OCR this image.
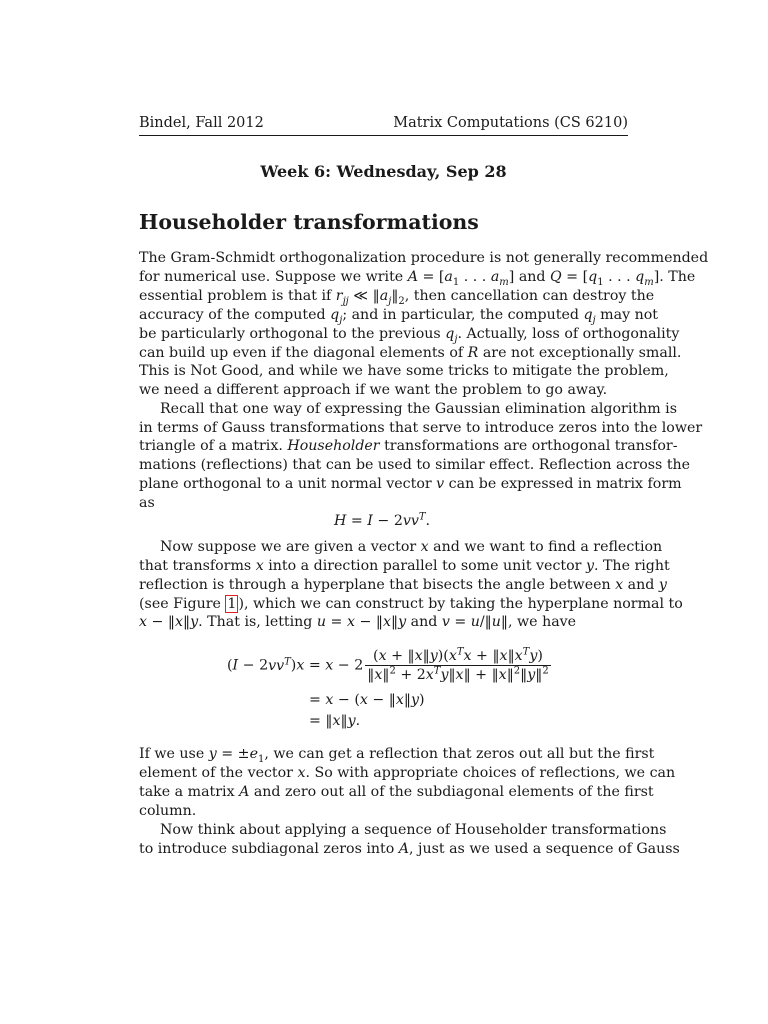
Bindel, Fall 2012	Matrix Computations (CS 6210)
Week 6: Wednesday, Sep 28
Householder transformations
The Gram-Schmidt orthogonalization procedure is not generally recommended
for numerical use. Suppose we write $A = [a_1$ . . . $a_m$] and $Q = [q_1$ . . . $q_m$]. The
essential problem is that if $r_{jj}$ ≪ $‖a_j‖_2$, then cancellation can destroy the
accuracy of the computed $q_j$; and in particular, the computed $q_j$ may not
be particularly orthogonal to the previous $q_j$. Actually, loss of orthogonality
can build up even if the diagonal elements of R are not exceptionally small.
This is Not Good, and while we have some tricks to mitigate the problem,
we need a different approach if we want the problem to go away.
Recall that one way of expressing the Gaussian elimination algorithm is
in terms of Gauss transformations that serve to introduce zeros into the lower
triangle of a matrix. Householder transformations are orthogonal transfor-
mations (reflections) that can be used to similar effect. Reflection across the
plane orthogonal to a unit normal vector v can be expressed in matrix form
as
$H = I - 2vv^T$.
Now suppose we are given a vector x and we want to find a reflection
that transforms x into a direction parallel to some unit vector y. The right
reflection is through a hyperplane that bisects the angle between x and y
(see Figure 1 ), which we can construct by taking the hyperplane normal to
x − ‖x‖y. That is, letting u = x − ‖x‖y and v = u/‖u‖, we have
$(I - 2vv^T)x = x - 2 \frac{(x + ‖x‖y)(x^Tx + ‖x‖x^Ty)}{‖x‖^2 + 2x^Ty‖x‖ + ‖x‖^2‖y‖^2}$
= x − (x − ‖x‖y)
= ‖x‖y.
If we use $y = \pm e_1$, we can get a reflection that zeros out all but the first
element of the vector x. So with appropriate choices of reflections, we can
take a matrix A and zero out all of the subdiagonal elements of the first
column.
Now think about applying a sequence of Householder transformations
to introduce subdiagonal zeros into A, just as we used a sequence of Gauss
